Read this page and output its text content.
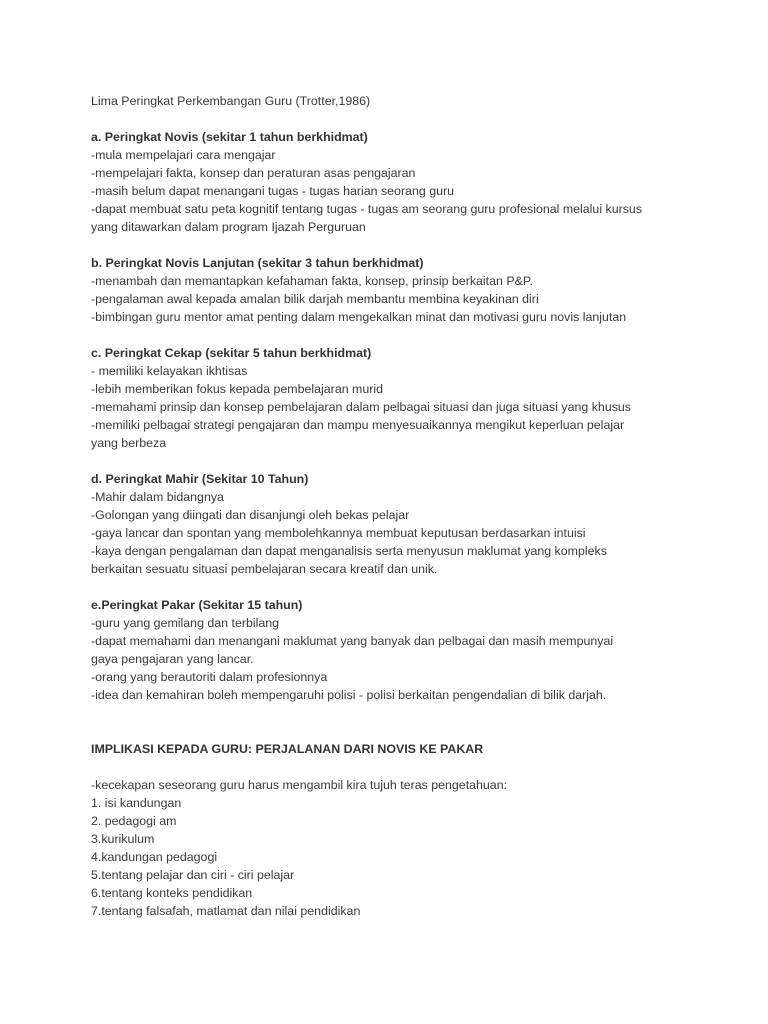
Lima Peringkat Perkembangan Guru (Trotter,1986)
a. Peringkat Novis (sekitar 1 tahun berkhidmat)
-mula mempelajari cara mengajar
-mempelajari fakta, konsep dan peraturan asas pengajaran
-masih belum dapat menangani tugas - tugas harian seorang guru
-dapat membuat satu peta kognitif tentang tugas - tugas am seorang guru profesional melalui kursus
yang ditawarkan dalam program Ijazah Perguruan
b. Peringkat Novis Lanjutan (sekitar 3 tahun berkhidmat)
-menambah dan memantapkan kefahaman fakta, konsep, prinsip berkaitan P&P.
-pengalaman awal kepada amalan bilik darjah membantu membina keyakinan diri
-bimbingan guru mentor amat penting dalam mengekalkan minat dan motivasi guru novis lanjutan
c. Peringkat Cekap (sekitar 5 tahun berkhidmat)
- memiliki kelayakan ikhtisas
-lebih memberikan fokus kepada pembelajaran murid
-memahami prinsip dan konsep pembelajaran dalam pelbagai situasi dan juga situasi yang khusus
-memiliki pelbagai strategi pengajaran dan mampu menyesuaikannya mengikut keperluan pelajar
yang berbeza
d. Peringkat Mahir (Sekitar 10 Tahun)
-Mahir dalam bidangnya
-Golongan yang diingati dan disanjungi oleh bekas pelajar
-gaya lancar dan spontan yang membolehkannya membuat keputusan berdasarkan intuisi
-kaya dengan pengalaman dan dapat menganalisis serta menyusun maklumat yang kompleks
berkaitan sesuatu situasi pembelajaran secara kreatif dan unik.
e.Peringkat Pakar (Sekitar 15 tahun)
-guru yang gemilang dan terbilang
-dapat memahami dan menangani maklumat yang banyak dan pelbagai dan masih mempunyai
gaya pengajaran yang lancar.
-orang yang berautoriti dalam profesionnya
-idea dan kemahiran boleh mempengaruhi polisi - polisi berkaitan pengendalian di bilik darjah.
IMPLIKASI KEPADA GURU: PERJALANAN DARI NOVIS KE PAKAR
-kecekapan seseorang guru harus mengambil kira tujuh teras pengetahuan:
1. isi kandungan
2. pedagogi am
3.kurikulum
4.kandungan pedagogi
5.tentang pelajar dan ciri - ciri pelajar
6.tentang konteks pendidikan
7.tentang falsafah, matlamat dan nilai pendidikan
